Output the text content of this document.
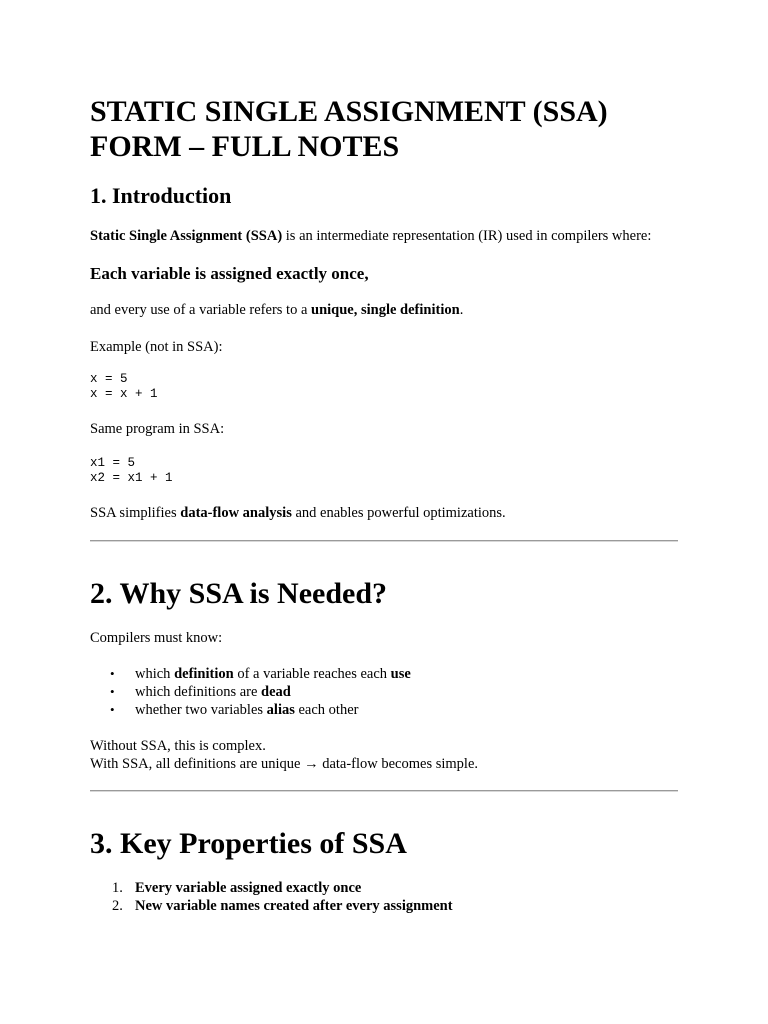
STATIC SINGLE ASSIGNMENT (SSA) FORM – FULL NOTES
1. Introduction

Static Single Assignment (SSA) is an intermediate representation (IR) used in compilers where:

Each variable is assigned exactly once,

and every use of a variable refers to a unique, single definition.

Example (not in SSA):

x = 5
x = x + 1

Same program in SSA:

x1 = 5
x2 = x1 + 1

SSA simplifies data-flow analysis and enables powerful optimizations.

2. Why SSA is Needed?

Compilers must know:

• which definition of a variable reaches each use
• which definitions are dead
• whether two variables alias each other

Without SSA, this is complex.

With SSA, all definitions are unique → data-flow becomes simple.

3. Key Properties of SSA
1. Every variable assigned exactly once
2. New variable names created after every assignment
